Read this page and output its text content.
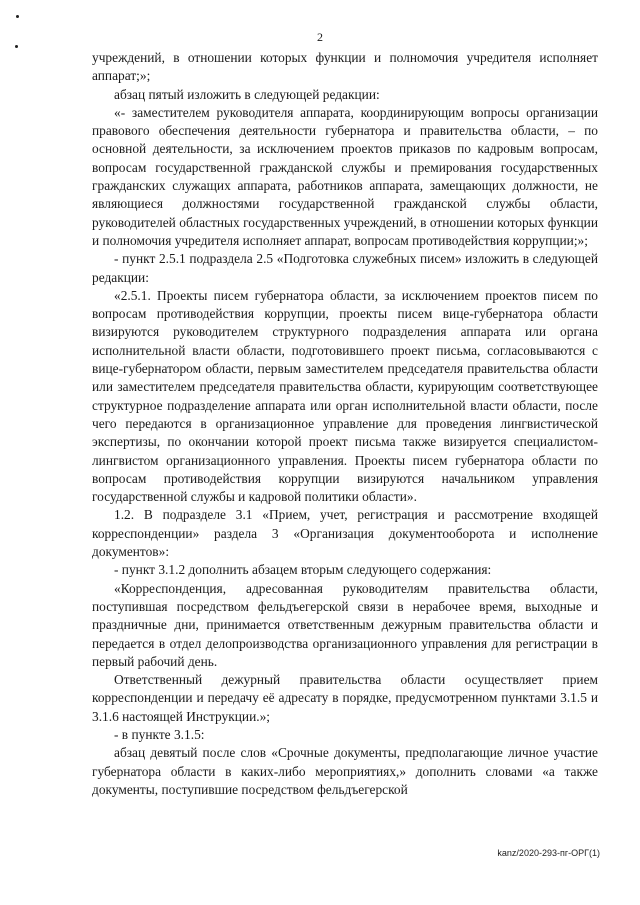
2

учреждений, в отношении которых функции и полномочия учредителя исполняет аппарат;»;

абзац пятый изложить в следующей редакции:

«- заместителем руководителя аппарата, координирующим вопросы организации правового обеспечения деятельности губернатора и правительства области, – по основной деятельности, за исключением проектов приказов по кадровым вопросам, вопросам государственной гражданской службы и премирования государственных гражданских служащих аппарата, работников аппарата, замещающих должности, не являющиеся должностями государственной гражданской службы области, руководителей областных государственных учреждений, в отношении которых функции и полномочия учредителя исполняет аппарат, вопросам противодействия коррупции;»;

- пункт 2.5.1 подраздела 2.5 «Подготовка служебных писем» изложить в следующей редакции:

«2.5.1. Проекты писем губернатора области, за исключением проектов писем по вопросам противодействия коррупции, проекты писем вице-губернатора области визируются руководителем структурного подразделения аппарата или органа исполнительной власти области, подготовившего проект письма, согласовываются с вице-губернатором области, первым заместителем председателя правительства области или заместителем председателя правительства области, курирующим соответствующее структурное подразделение аппарата или орган исполнительной власти области, после чего передаются в организационное управление для проведения лингвистической экспертизы, по окончании которой проект письма также визируется специалистом-лингвистом организационного управления. Проекты писем губернатора области по вопросам противодействия коррупции визируются начальником управления государственной службы и кадровой политики области».

1.2. В подразделе 3.1 «Прием, учет, регистрация и рассмотрение входящей корреспонденции» раздела 3 «Организация документооборота и исполнение документов»:

- пункт 3.1.2 дополнить абзацем вторым следующего содержания:

«Корреспонденция, адресованная руководителям правительства области, поступившая посредством фельдъегерской связи в нерабочее время, выходные и праздничные дни, принимается ответственным дежурным правительства области и передается в отдел делопроизводства организационного управления для регистрации в первый рабочий день.

Ответственный дежурный правительства области осуществляет прием корреспонденции и передачу её адресату в порядке, предусмотренном пунктами 3.1.5 и 3.1.6 настоящей Инструкции.»;

- в пункте 3.1.5:

абзац девятый после слов «Срочные документы, предполагающие личное участие губернатора области в каких-либо мероприятиях,» дополнить словами «а также документы, поступившие посредством фельдъегерской

kanz/2020-293-пг-ОРГ(1)
